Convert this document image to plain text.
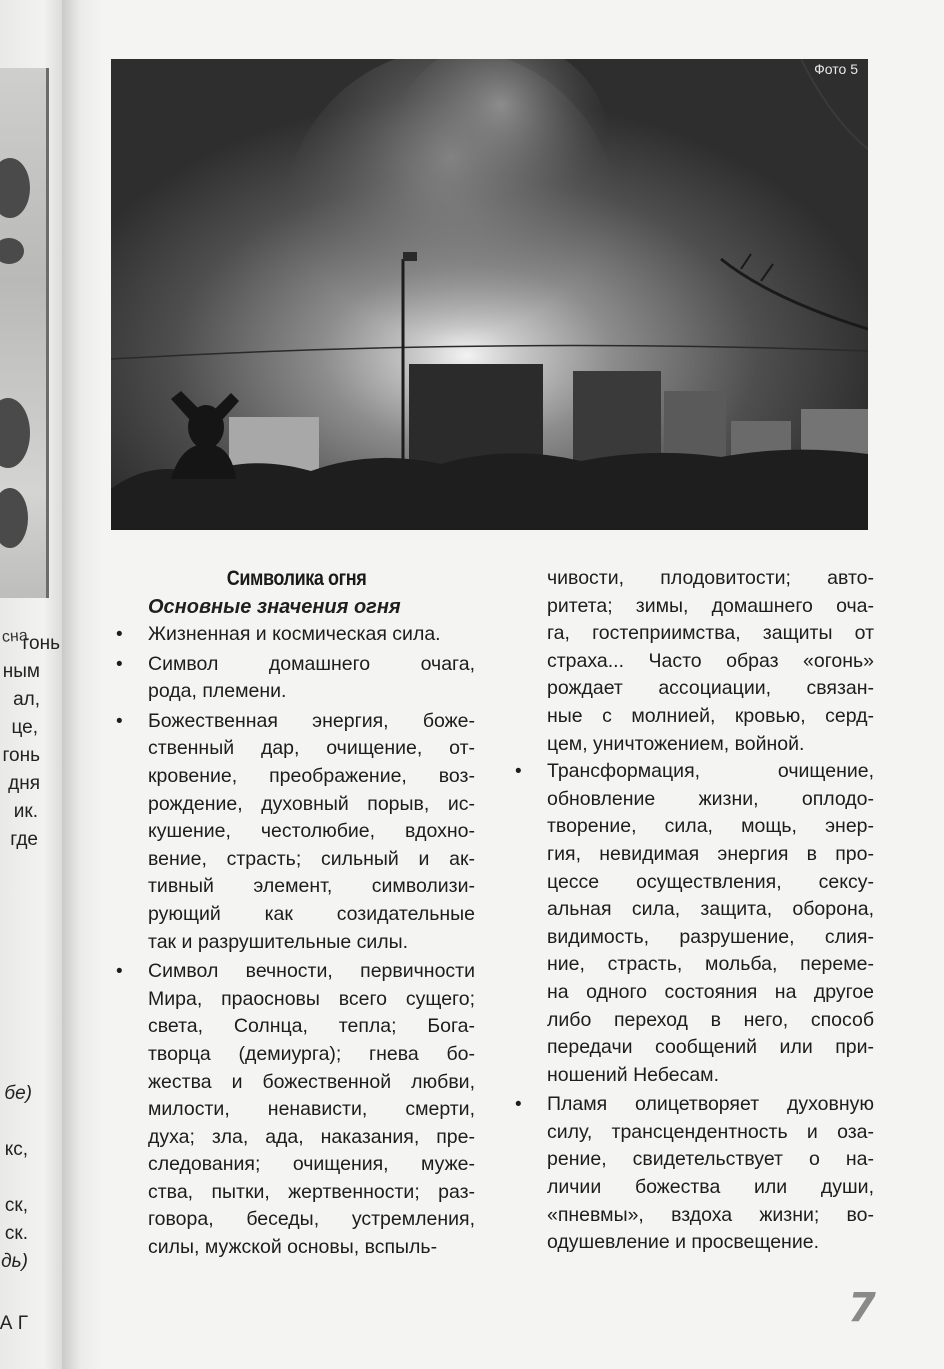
сна
гонь
ным
ал,
це,
гонь
дня
ик.
где
бе)
кс,
ск,
ск.
дь)
А Г
Фото 5
Символика огня
Основные значения огня
• Жизненная и космическая сила.
• Символ домашнего очага,
рода, племени.
• Божественная энергия, боже-
ственный дар, очищение, от-
кровение, преображение, воз-
рождение, духовный порыв, ис-
кушение, честолюбие, вдохно-
вение, страсть; сильный и ак-
тивный элемент, символизи-
рующий как созидательные
так и разрушительные силы.
• Символ вечности, первичности
Мира, праосновы всего сущего;
света, Солнца, тепла; Бога-
творца (демиурга); гнева бо-
жества и божественной любви,
милости, ненависти, смерти,
духа; зла, ада, наказания, пре-
следования; очищения, муже-
ства, пытки, жертвенности; раз-
говора, беседы, устремления,
силы, мужской основы, вспыль-
чивости, плодовитости; авто-
ритета; зимы, домашнего оча-
га, гостеприимства, защиты от
страха... Часто образ «огонь»
рождает ассоциации, связан-
ные с молнией, кровью, серд-
цем, уничтожением, войной.
• Трансформация, очищение,
обновление жизни, оплодо-
творение, сила, мощь, энер-
гия, невидимая энергия в про-
цессе осуществления, сексу-
альная сила, защита, оборона,
видимость, разрушение, слия-
ние, страсть, мольба, переме-
на одного состояния на другое
либо переход в него, способ
передачи сообщений или при-
ношений Небесам.
• Пламя олицетворяет духовную
силу, трансцендентность и оза-
рение, свидетельствует о на-
личии божества или души,
«пневмы», вздоха жизни; во-
одушевление и просвещение.
7
